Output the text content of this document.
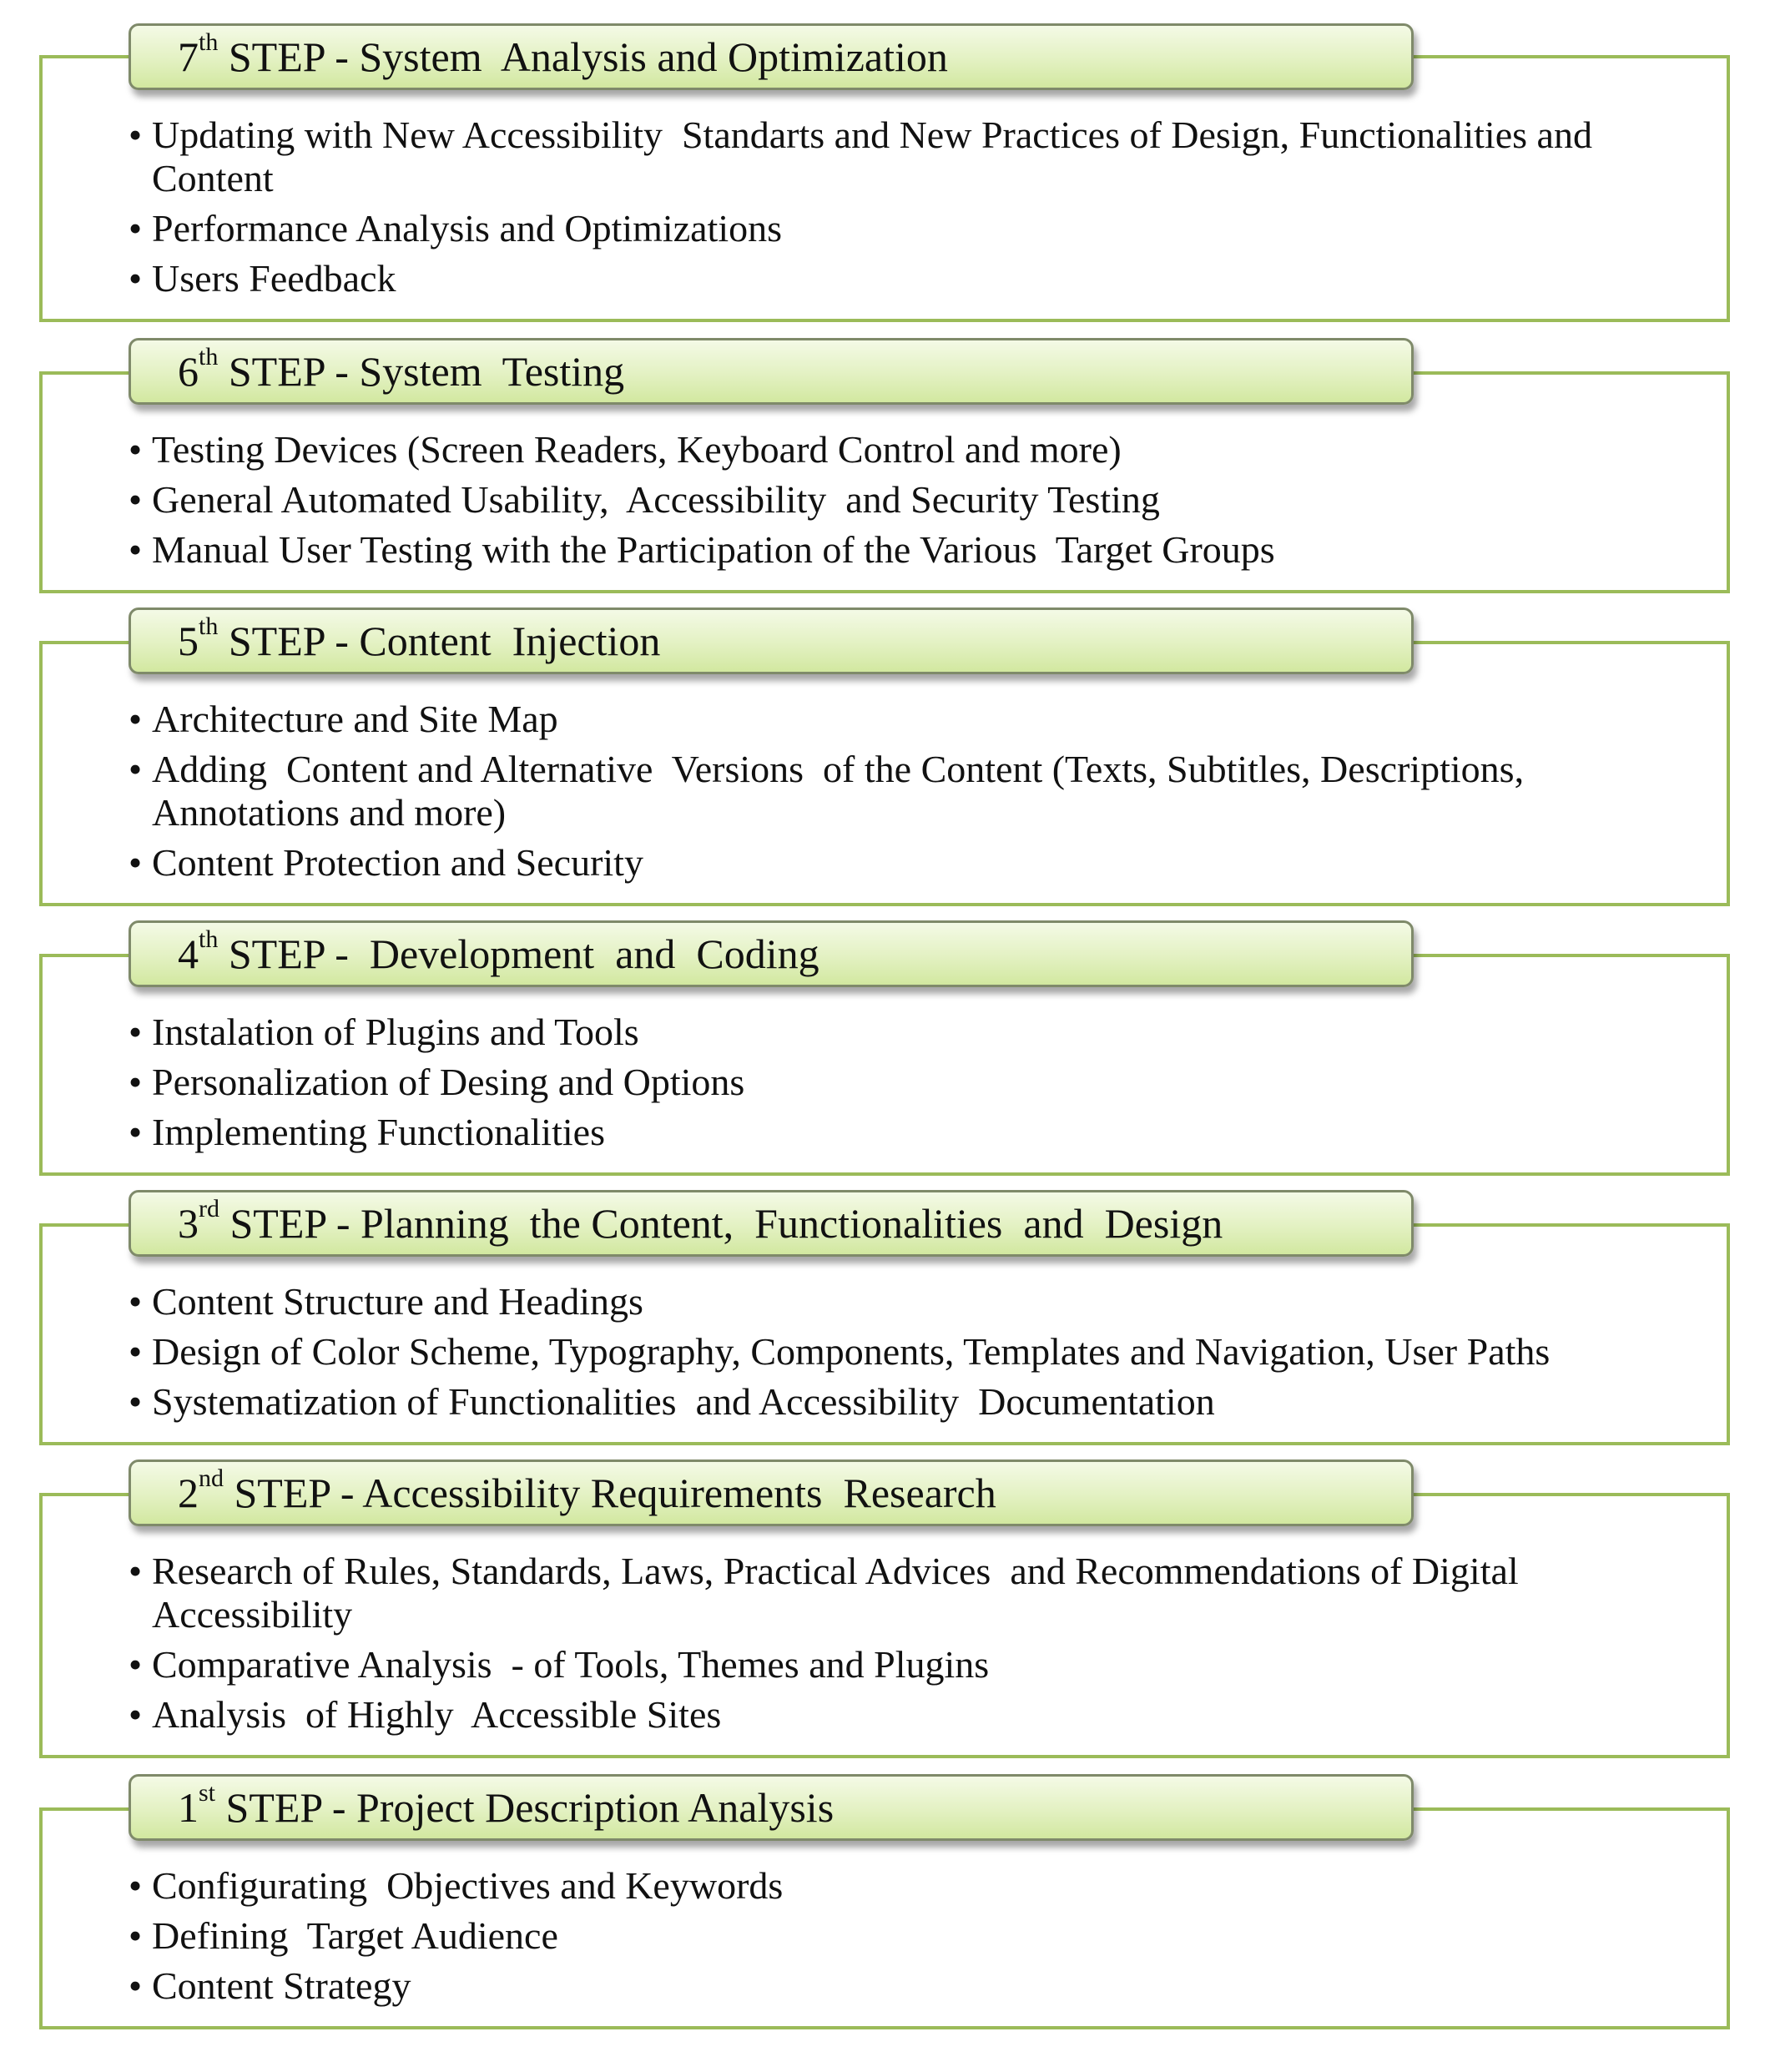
7th STEP - System  Analysis and Optimization
• Updating with New Accessibility  Standarts and New Practices of Design, Functionalities and Content
• Performance Analysis and Optimizations
• Users Feedback
6th STEP - System  Testing
• Testing Devices (Screen Readers, Keyboard Control and more)
• General Automated Usability,  Accessibility  and Security Testing
• Manual User Testing with the Participation of the Various  Target Groups
5th STEP - Content  Injection
• Architecture and Site Map
• Adding  Content and Alternative  Versions  of the Content (Texts, Subtitles, Descriptions, Annotations and more)
• Content Protection and Security
4th STEP -  Development  and  Coding
• Instalation of Plugins and Tools
• Personalization of Desing and Options
• Implementing Functionalities
3rd STEP - Planning  the Content,  Functionalities  and  Design
• Content Structure and Headings
• Design of Color Scheme, Typography, Components, Templates and Navigation, User Paths
• Systematization of Functionalities  and Accessibility  Documentation
2nd STEP - Accessibility Requirements  Research
• Research of Rules, Standards, Laws, Practical Advices  and Recommendations of Digital Accessibility
• Comparative Analysis  - of Tools, Themes and Plugins
• Analysis  of Highly  Accessible Sites
1st STEP - Project Description Analysis
• Configurating  Objectives and Keywords
• Defining  Target Audience
• Content Strategy
